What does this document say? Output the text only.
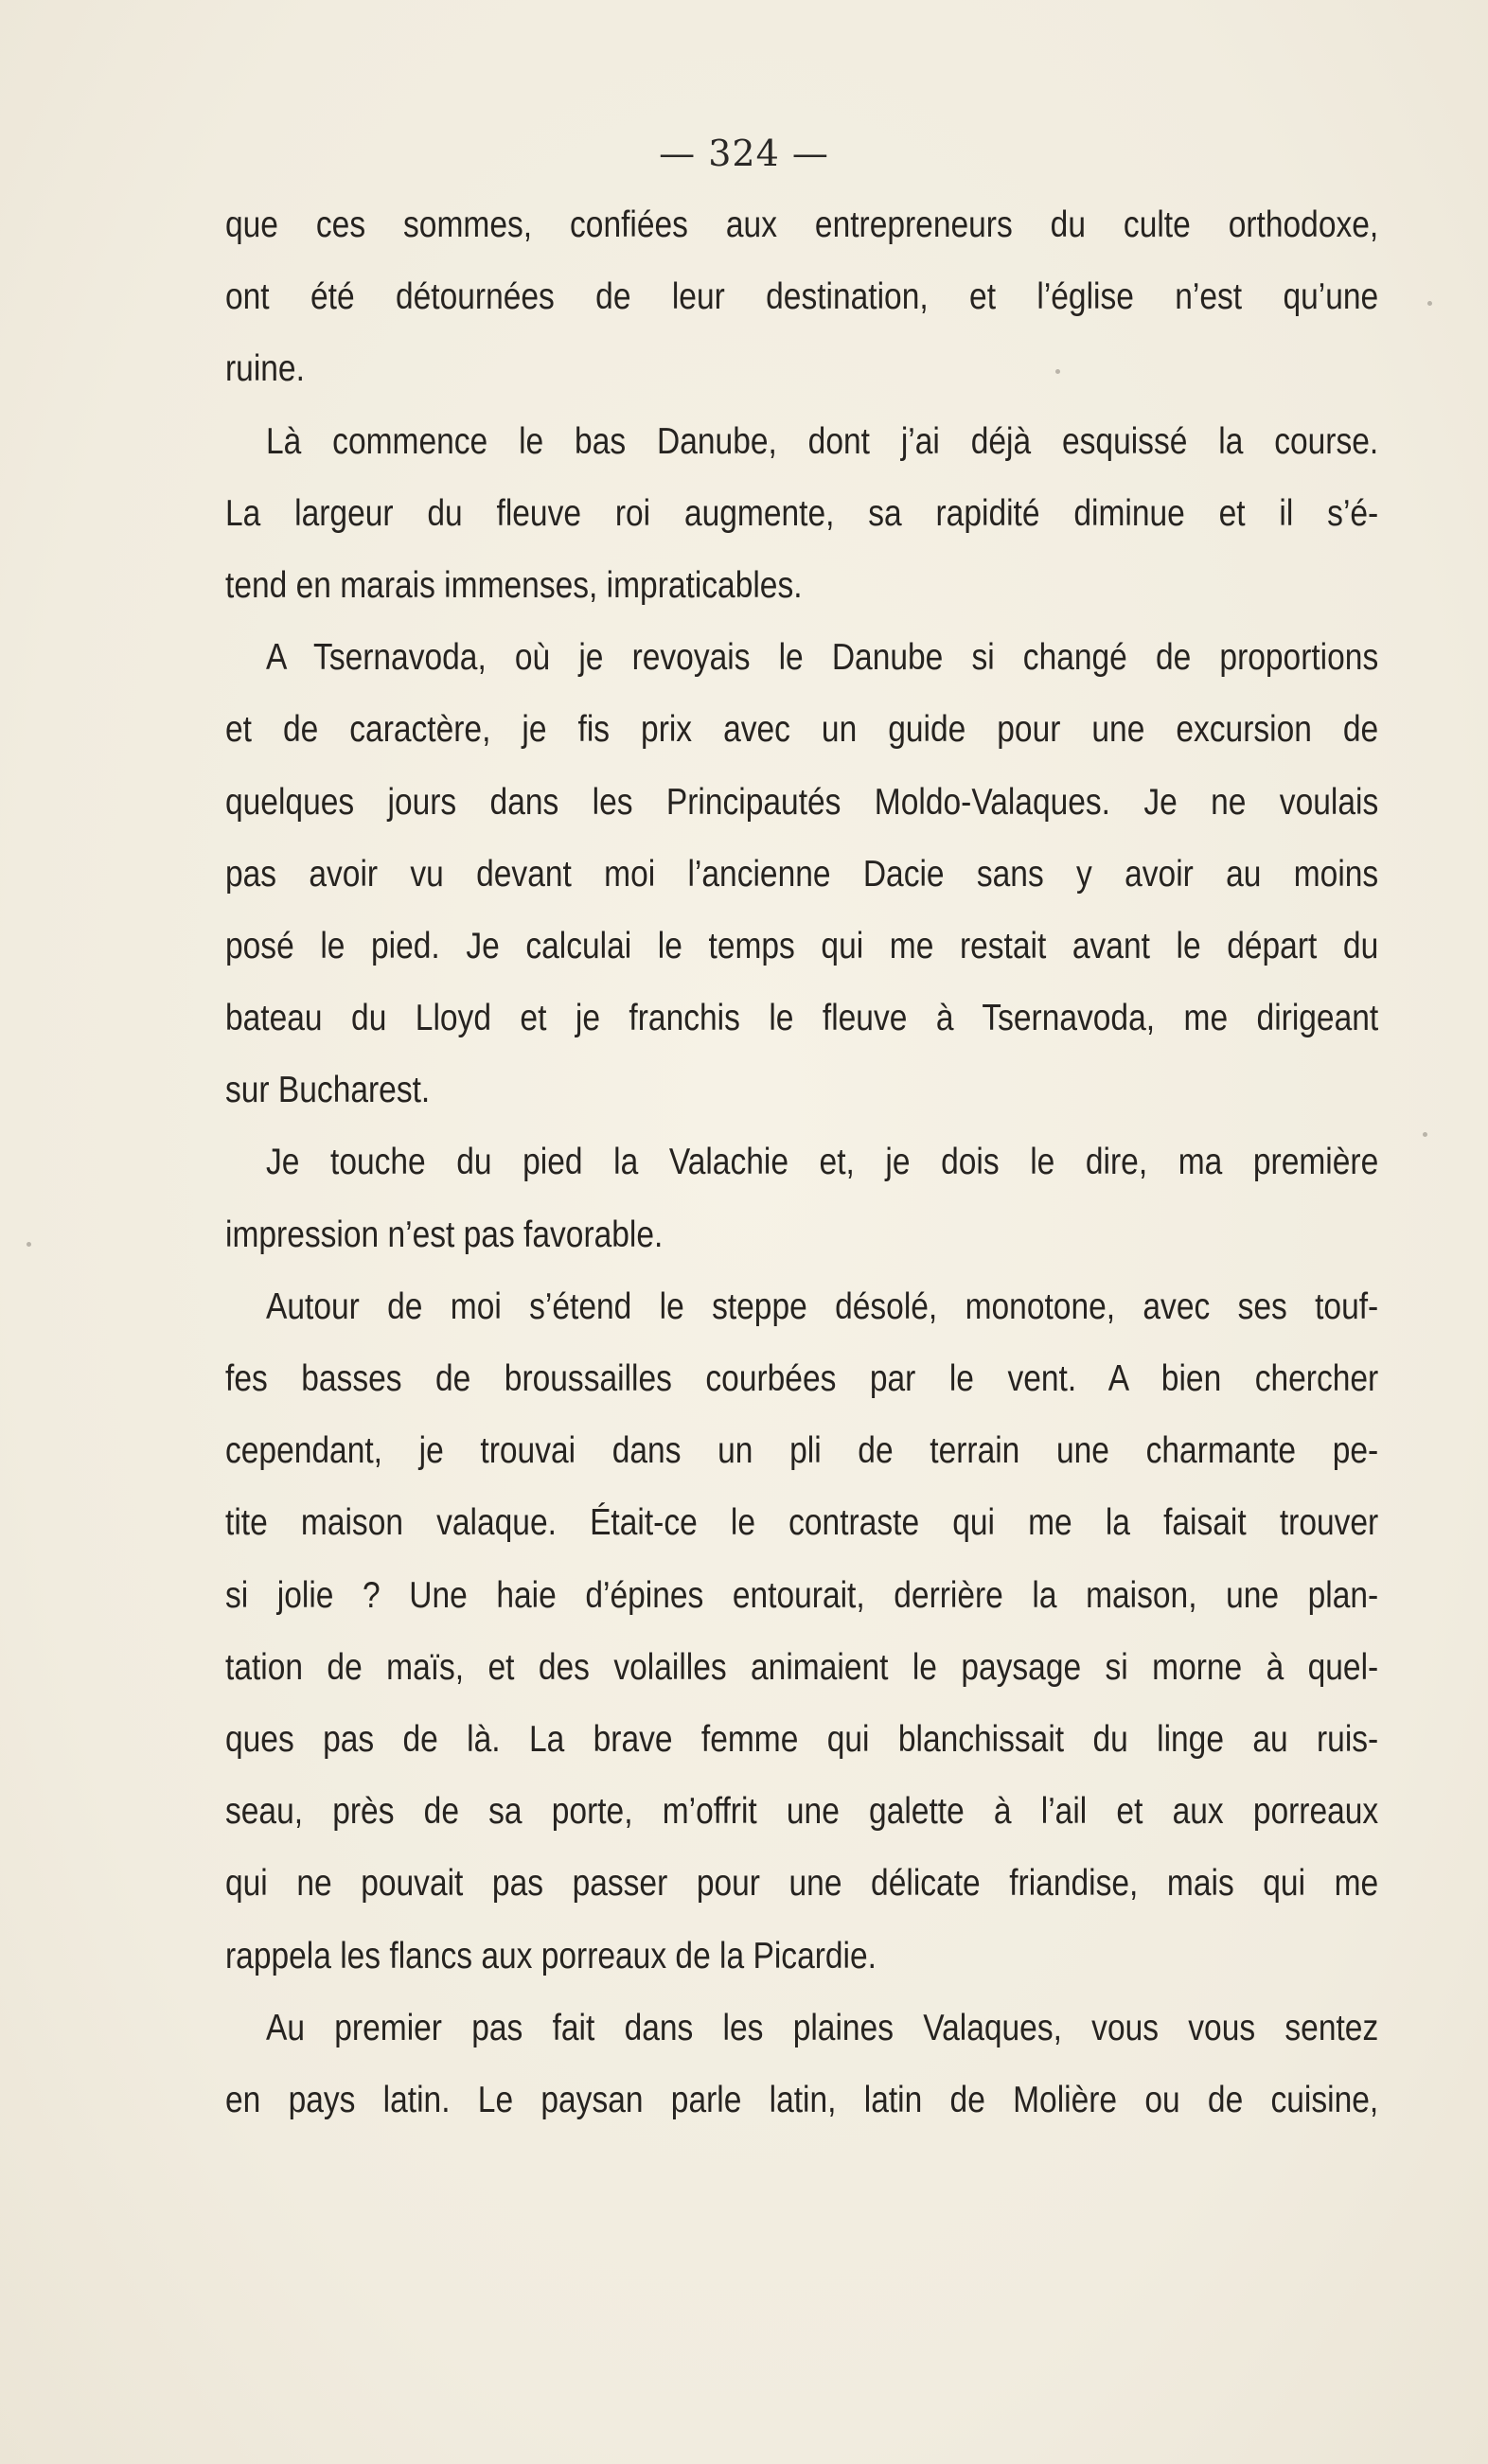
— 324 —
que ces sommes, confiées aux entrepreneurs du culte orthodoxe,
ont été détournées de leur destination, et l’église n’est qu’une
ruine.
Là commence le bas Danube, dont j’ai déjà esquissé la course.
La largeur du fleuve roi augmente, sa rapidité diminue et il s’é-
tend en marais immenses, impraticables.
A Tsernavoda, où je revoyais le Danube si changé de proportions
et de caractère, je fis prix avec un guide pour une excursion de
quelques jours dans les Principautés Moldo-Valaques. Je ne voulais
pas avoir vu devant moi l’ancienne Dacie sans y avoir au moins
posé le pied. Je calculai le temps qui me restait avant le départ du
bateau du Lloyd et je franchis le fleuve à Tsernavoda, me dirigeant
sur Bucharest.
Je touche du pied la Valachie et, je dois le dire, ma première
impression n’est pas favorable.
Autour de moi s’étend le steppe désolé, monotone, avec ses touf-
fes basses de broussailles courbées par le vent. A bien chercher
cependant, je trouvai dans un pli de terrain une charmante pe-
tite maison valaque. Était-ce le contraste qui me la faisait trouver
si jolie ? Une haie d’épines entourait, derrière la maison, une plan-
tation de maïs, et des volailles animaient le paysage si morne à quel-
ques pas de là. La brave femme qui blanchissait du linge au ruis-
seau, près de sa porte, m’offrit une galette à l’ail et aux porreaux
qui ne pouvait pas passer pour une délicate friandise, mais qui me
rappela les flancs aux porreaux de la Picardie.
Au premier pas fait dans les plaines Valaques, vous vous sentez
en pays latin. Le paysan parle latin, latin de Molière ou de cuisine,
